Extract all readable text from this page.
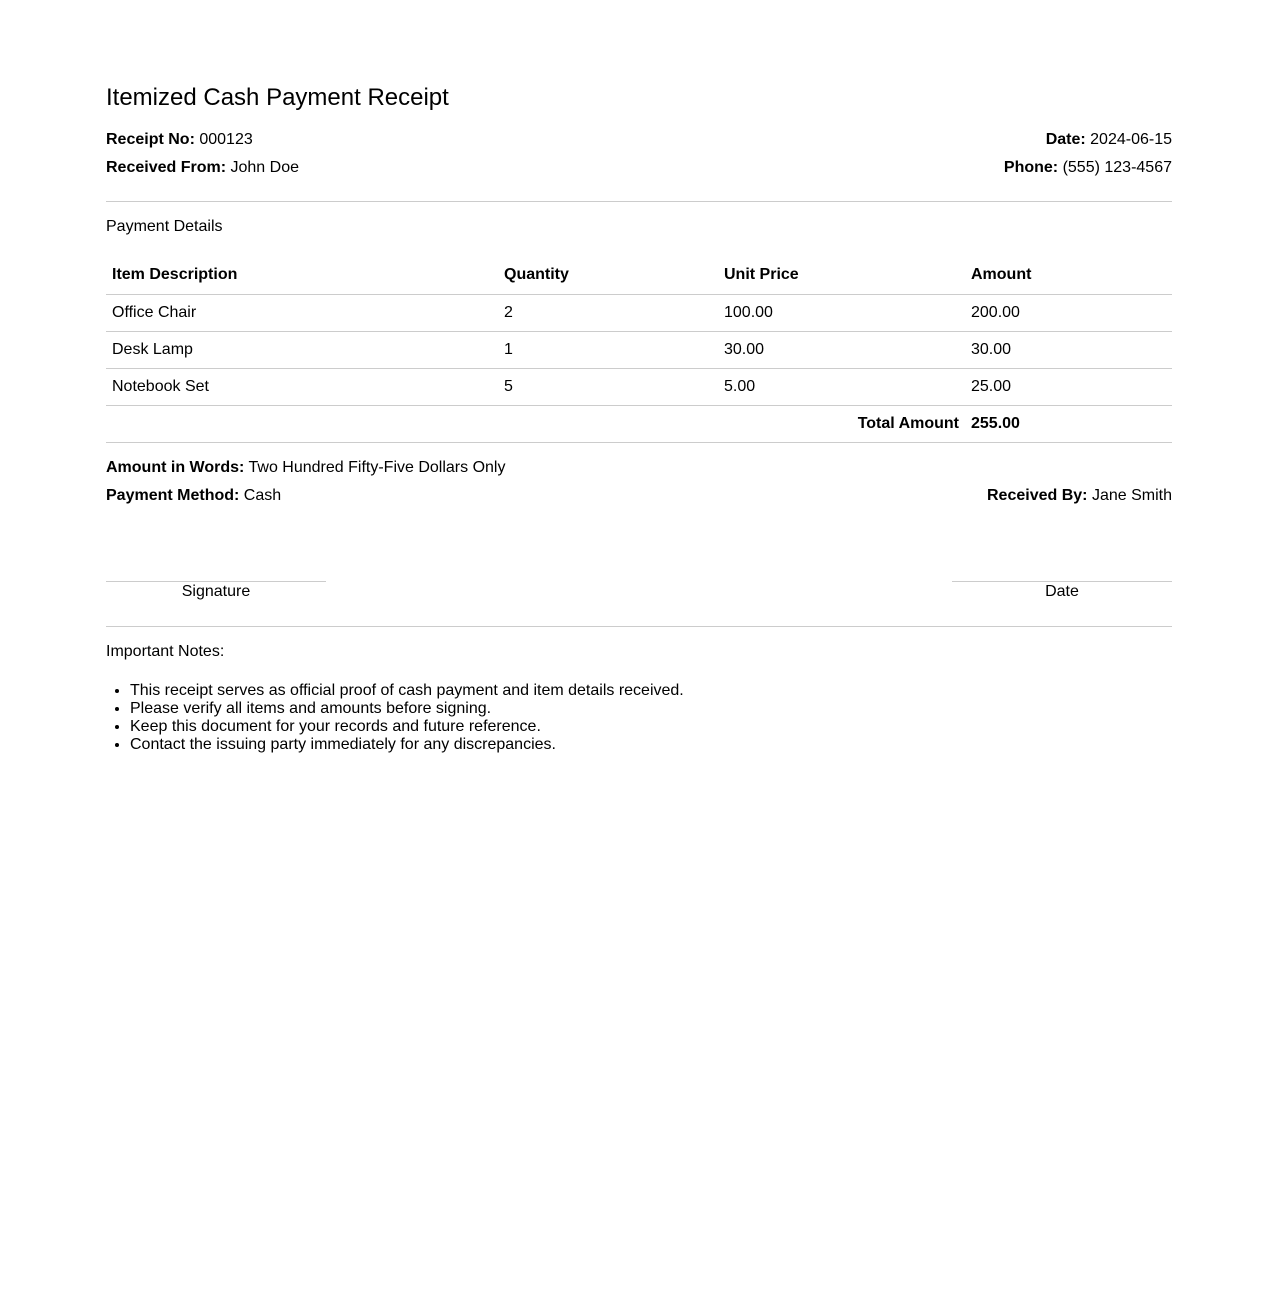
Itemized Cash Payment Receipt
Receipt No: 000123	Date: 2024-06-15
Received From: John Doe	Phone: (555) 123-4567
Payment Details
Item Description	Quantity	Unit Price	Amount
Office Chair	2	100.00	200.00
Desk Lamp	1	30.00	30.00
Notebook Set	5	5.00	25.00
Total Amount			255.00
Amount in Words: Two Hundred Fifty-Five Dollars Only
Payment Method: Cash	Received By: Jane Smith
Signature	Date
Important Notes:
• This receipt serves as official proof of cash payment and item details received.
• Please verify all items and amounts before signing.
• Keep this document for your records and future reference.
• Contact the issuing party immediately for any discrepancies.
